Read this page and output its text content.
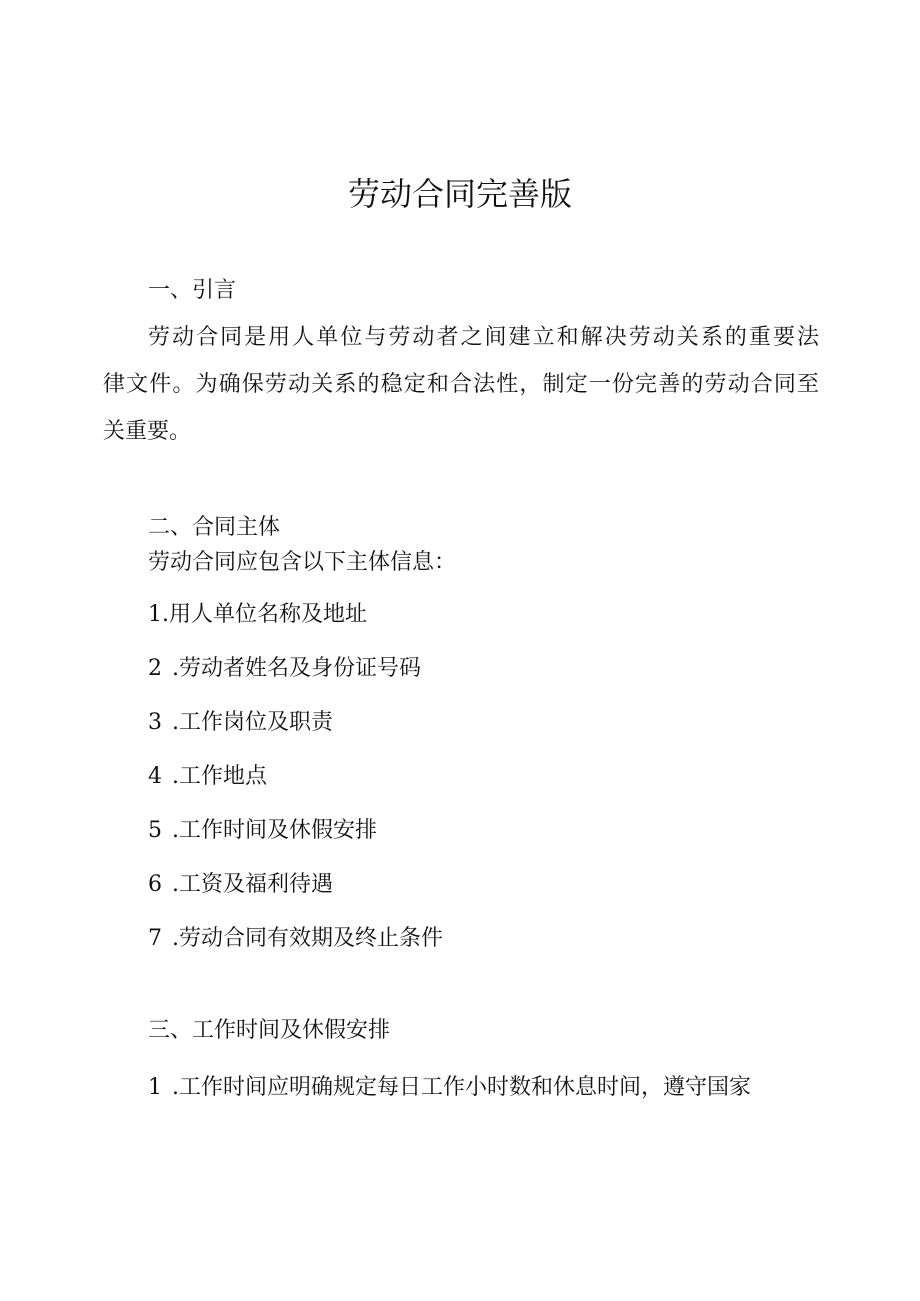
劳动合同完善版

一、引言

劳动合同是用人单位与劳动者之间建立和解决劳动关系的重要法

律文件。为确保劳动关系的稳定和合法性，制定一份完善的劳动合同至

关重要。

二、合同主体

劳动合同应包含以下主体信息：

1.用人单位名称及地址

2 .劳动者姓名及身份证号码

3 .工作岗位及职责

4 .工作地点

5 .工作时间及休假安排

6 .工资及福利待遇

7 .劳动合同有效期及终止条件

三、工作时间及休假安排

1 .工作时间应明确规定每日工作小时数和休息时间，遵守国家
